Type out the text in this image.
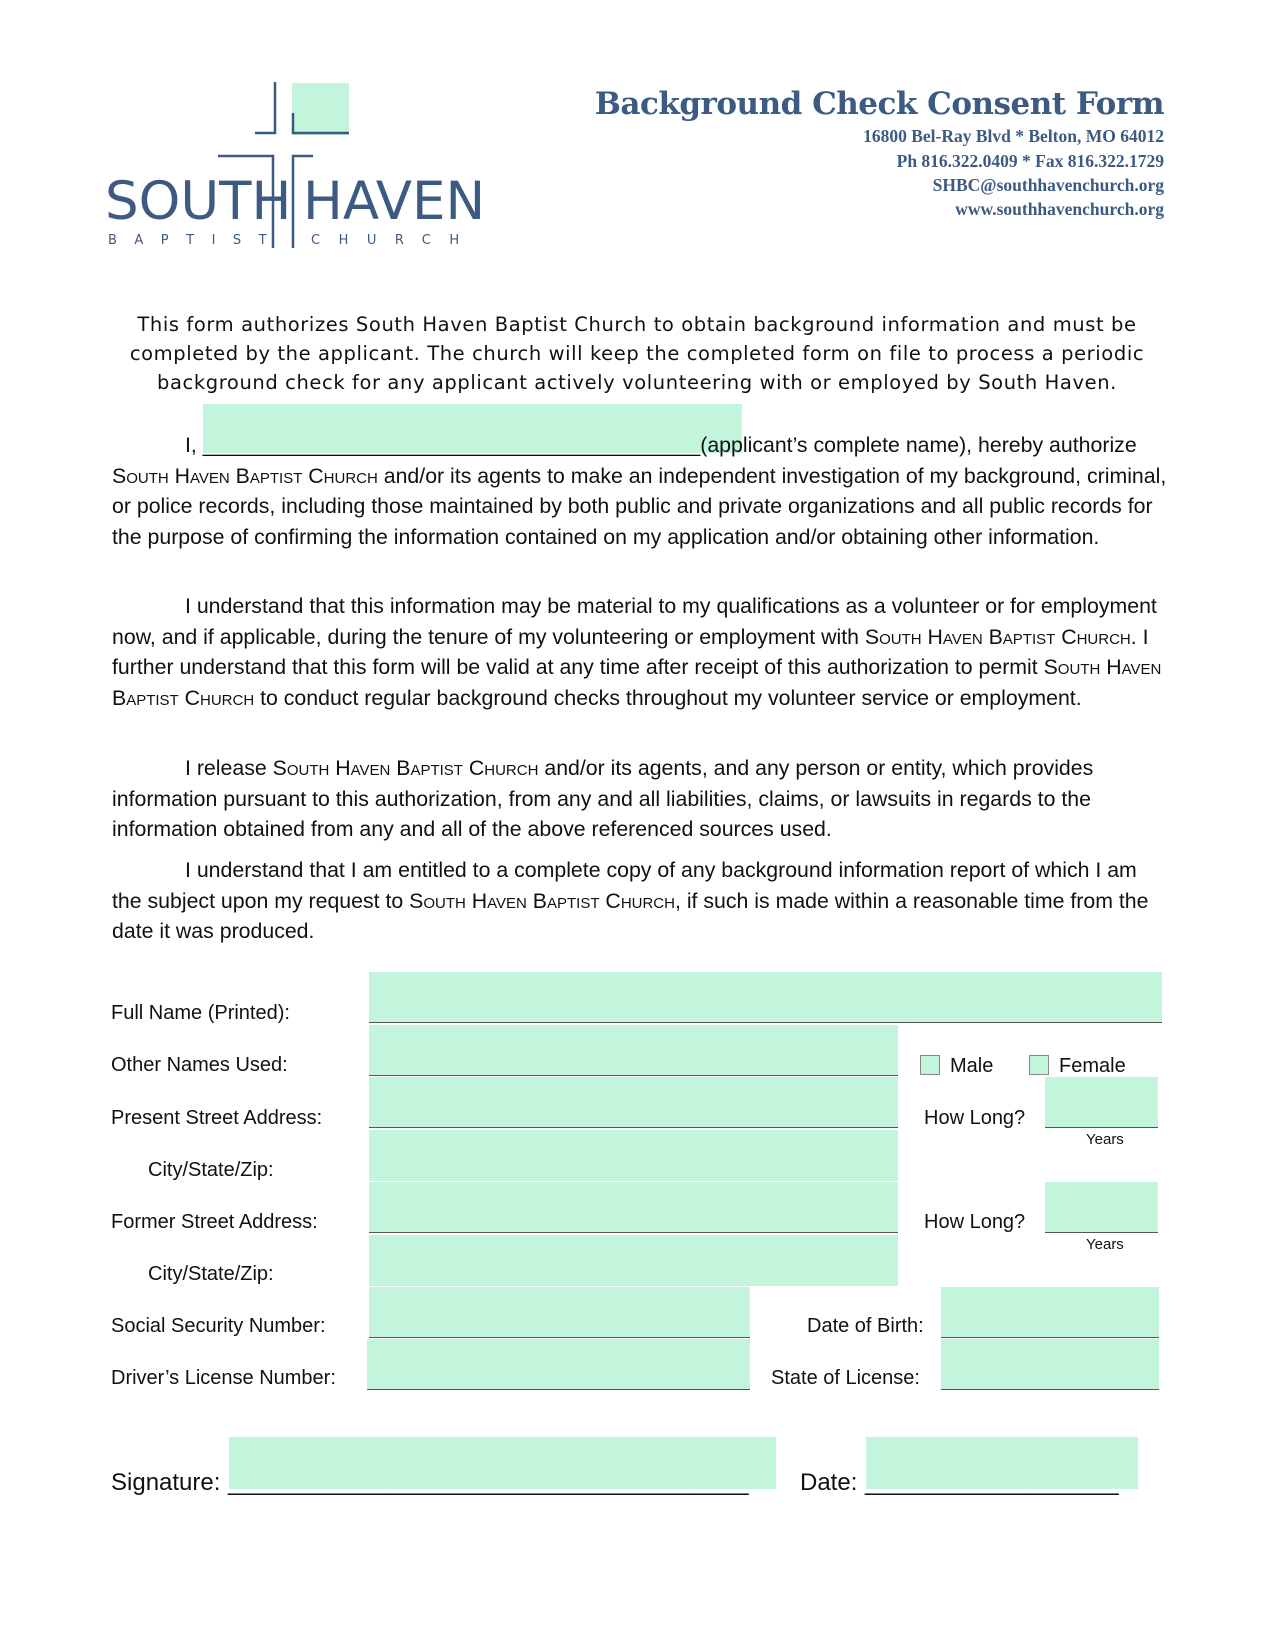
SOUTH HAVEN
BAPTIST CHURCH
Background Check Consent Form
16800 Bel-Ray Blvd * Belton, MO 64012
Ph 816.322.0409 * Fax 816.322.1729
SHBC@southhavenchurch.org
www.southhavenchurch.org
This form authorizes South Haven Baptist Church to obtain background information and must be completed by the applicant. The church will keep the completed form on file to process a periodic background check for any applicant actively volunteering with or employed by South Haven.
I, __________________________________________(applicant’s complete name), hereby authorize South Haven Baptist Church and/or its agents to make an independent investigation of my background, criminal, or police records, including those maintained by both public and private organizations and all public records for the purpose of confirming the information contained on my application and/or obtaining other information.
I understand that this information may be material to my qualifications as a volunteer or for employment now, and if applicable, during the tenure of my volunteering or employment with South Haven Baptist Church. I further understand that this form will be valid at any time after receipt of this authorization to permit South Haven Baptist Church to conduct regular background checks throughout my volunteer service or employment.
I release South Haven Baptist Church and/or its agents, and any person or entity, which provides information pursuant to this authorization, from any and all liabilities, claims, or lawsuits in regards to the information obtained from any and all of the above referenced sources used.
I understand that I am entitled to a complete copy of any background information report of which I am the subject upon my request to South Haven Baptist Church, if such is made within a reasonable time from the date it was produced.
Full Name (Printed):
Other Names Used:	Male	Female
Present Street Address:	How Long?
Years
City/State/Zip:
Former Street Address:	How Long?
Years
City/State/Zip:
Social Security Number:	Date of Birth:
Driver’s License Number:	State of License:
Signature: _______________________________________ Date: ___________________
